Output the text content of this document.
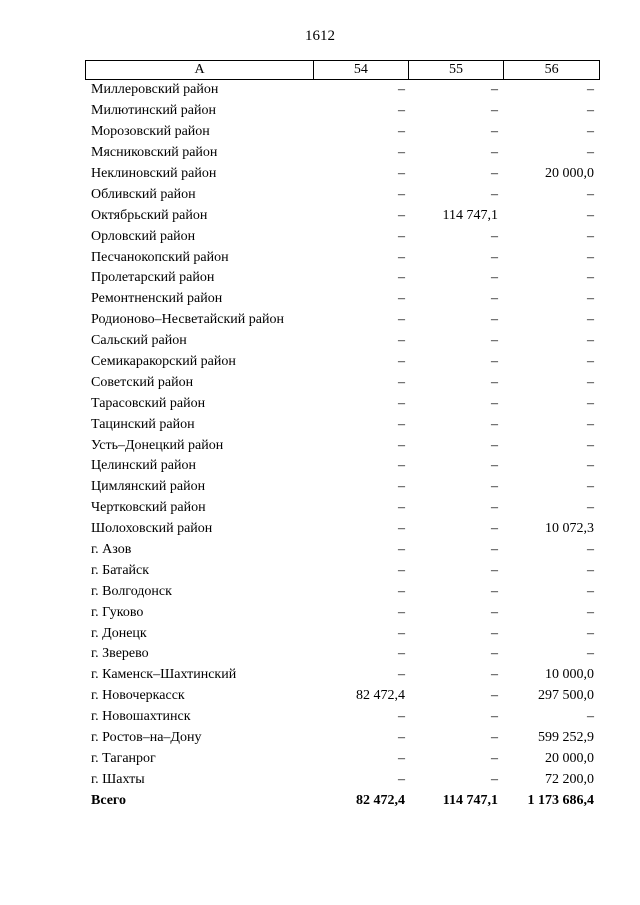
1612
А	54	55	56
Миллеровский район	–	–	–
Милютинский район	–	–	–
Морозовский район	–	–	–
Мясниковский район	–	–	–
Неклиновский район	–	–	20 000,0
Обливский район	–	–	–
Октябрьский район	–	114 747,1	–
Орловский район	–	–	–
Песчанокопский район	–	–	–
Пролетарский район	–	–	–
Ремонтненский район	–	–	–
Родионово–Несветайский район	–	–	–
Сальский район	–	–	–
Семикаракорский район	–	–	–
Советский район	–	–	–
Тарасовский район	–	–	–
Тацинский район	–	–	–
Усть–Донецкий район	–	–	–
Целинский район	–	–	–
Цимлянский район	–	–	–
Чертковский район	–	–	–
Шолоховский район	–	–	10 072,3
г. Азов	–	–	–
г. Батайск	–	–	–
г. Волгодонск	–	–	–
г. Гуково	–	–	–
г. Донецк	–	–	–
г. Зверево	–	–	–
г. Каменск–Шахтинский	–	–	10 000,0
г. Новочеркасск	82 472,4	–	297 500,0
г. Новошахтинск	–	–	–
г. Ростов–на–Дону	–	–	599 252,9
г. Таганрог	–	–	20 000,0
г. Шахты	–	–	72 200,0
Всего	82 472,4	114 747,1	1 173 686,4
